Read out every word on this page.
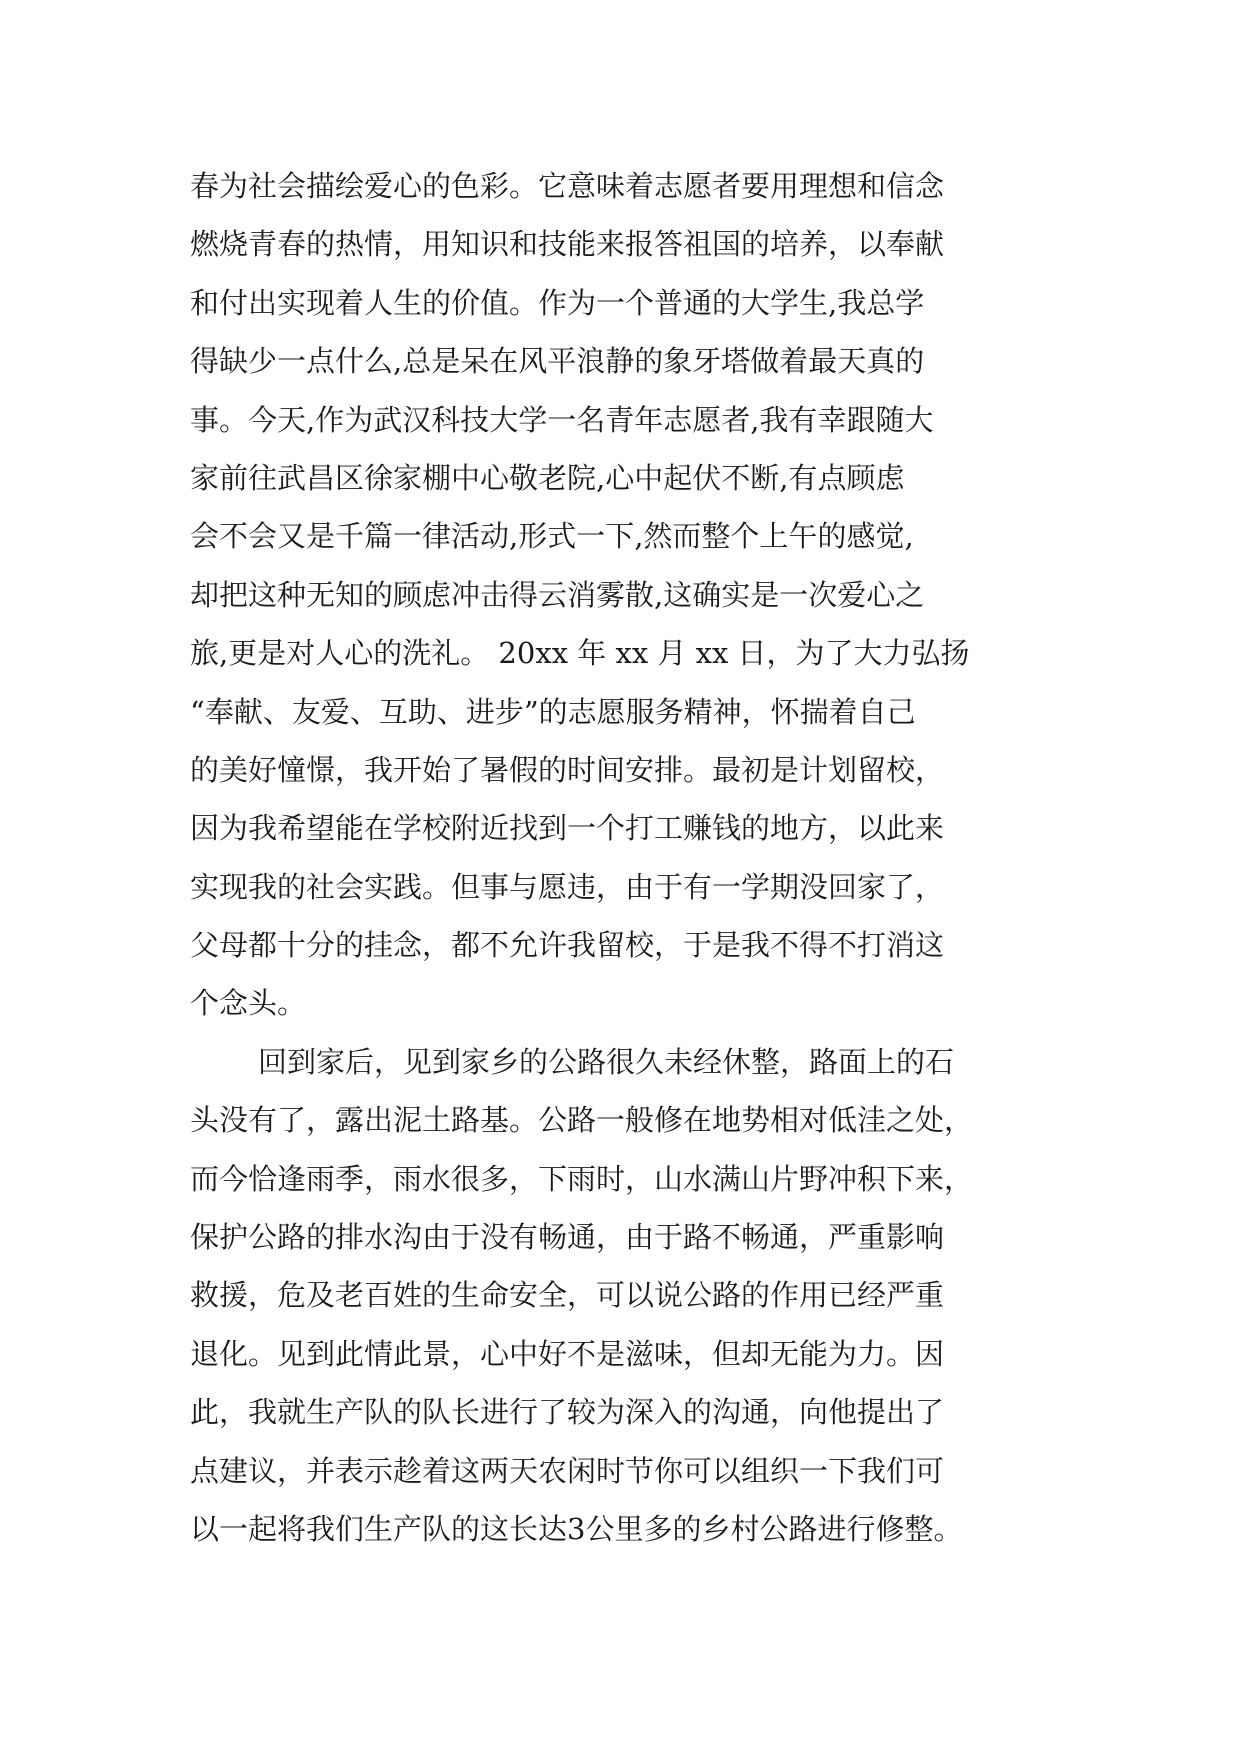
春为社会描绘爱心的色彩。它意味着志愿者要用理想和信念
燃烧青春的热情，用知识和技能来报答祖国的培养，以奉献
和付出实现着人生的价值。作为一个普通的大学生,我总学
得缺少一点什么,总是呆在风平浪静的象牙塔做着最天真的
事。今天,作为武汉科技大学一名青年志愿者,我有幸跟随大
家前往武昌区徐家棚中心敬老院,心中起伏不断,有点顾虑
会不会又是千篇一律活动,形式一下,然而整个上午的感觉,
却把这种无知的顾虑冲击得云消雾散,这确实是一次爱心之
旅,更是对人心的洗礼。 20xx 年 xx 月 xx 日，为了大力弘扬
“奉献、友爱、互助、进步”的志愿服务精神，怀揣着自己
的美好憧憬，我开始了暑假的时间安排。最初是计划留校，
因为我希望能在学校附近找到一个打工赚钱的地方，以此来
实现我的社会实践。但事与愿违，由于有一学期没回家了，
父母都十分的挂念，都不允许我留校，于是我不得不打消这
个念头。
回到家后，见到家乡的公路很久未经休整，路面上的石
头没有了，露出泥土路基。公路一般修在地势相对低洼之处，
而今恰逢雨季，雨水很多，下雨时，山水满山片野冲积下来，
保护公路的排水沟由于没有畅通，由于路不畅通，严重影响
救援，危及老百姓的生命安全，可以说公路的作用已经严重
退化。见到此情此景，心中好不是滋味，但却无能为力。因
此，我就生产队的队长进行了较为深入的沟通，向他提出了
点建议，并表示趁着这两天农闲时节你可以组织一下我们可
以一起将我们生产队的这长达3公里多的乡村公路进行修整。
